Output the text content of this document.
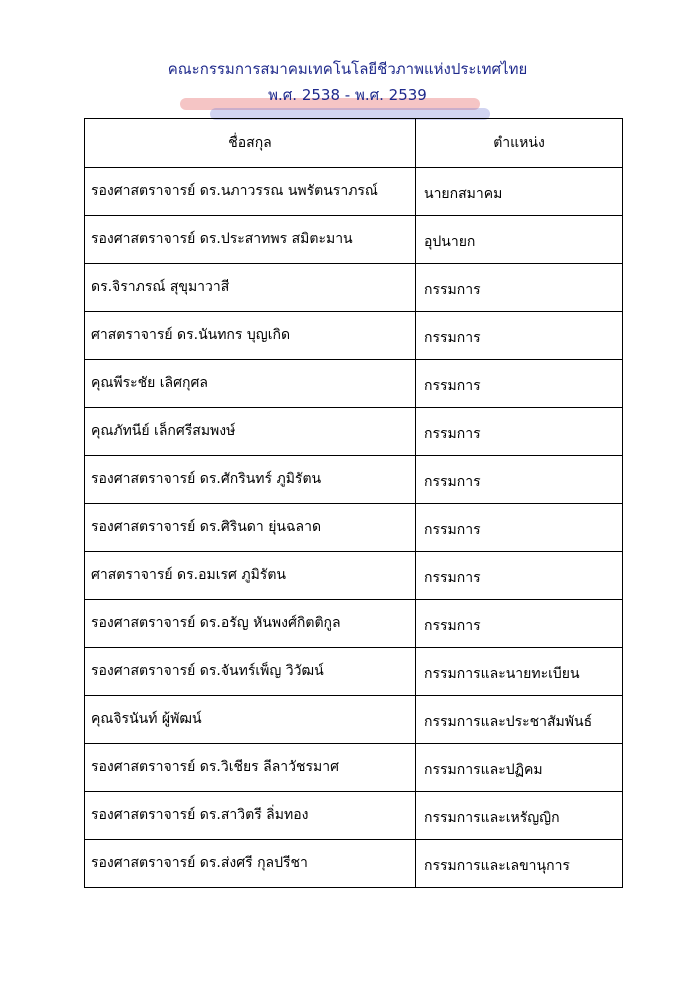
คณะกรรมการสมาคมเทคโนโลยีชีวภาพแห่งประเทศไทย
พ.ศ. 2538 - พ.ศ. 2539
ชื่อสกุล	ตำแหน่ง
รองศาสตราจารย์ ดร.นภาวรรณ นพรัตนราภรณ์	นายกสมาคม
รองศาสตราจารย์ ดร.ประสาทพร สมิตะมาน	อุปนายก
ดร.จิราภรณ์ สุขุมาวาสี	กรรมการ
ศาสตราจารย์ ดร.นันทกร บุญเกิด	กรรมการ
คุณพีระชัย เลิศกุศล	กรรมการ
คุณภัทนีย์ เล็กศรีสมพงษ์	กรรมการ
รองศาสตราจารย์ ดร.ศักรินทร์ ภูมิรัตน	กรรมการ
รองศาสตราจารย์ ดร.ศิรินดา ยุ่นฉลาด	กรรมการ
ศาสตราจารย์ ดร.อมเรศ ภูมิรัตน	กรรมการ
รองศาสตราจารย์ ดร.อรัญ หันพงศ์กิตติกูล	กรรมการ
รองศาสตราจารย์ ดร.จันทร์เพ็ญ วิวัฒน์	กรรมการและนายทะเบียน
คุณจิรนันท์ ผู้พัฒน์	กรรมการและประชาสัมพันธ์
รองศาสตราจารย์ ดร.วิเชียร ลีลาวัชรมาศ	กรรมการและปฏิคม
รองศาสตราจารย์ ดร.สาวิตรี ลิ่มทอง	กรรมการและเหรัญญิก
รองศาสตราจารย์ ดร.ส่งศรี กุลปรีชา	กรรมการและเลขานุการ
